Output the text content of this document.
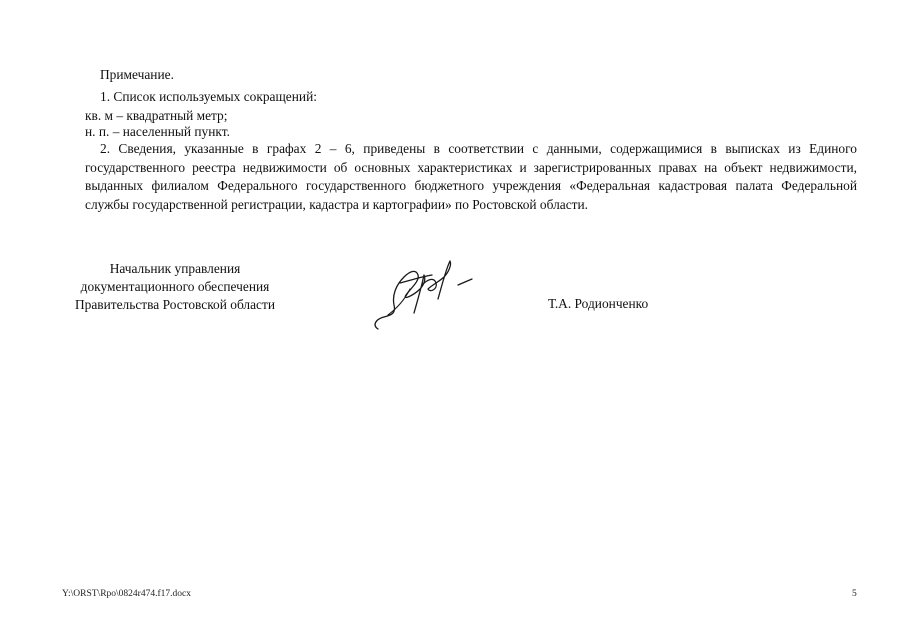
Примечание.
1. Список используемых сокращений:
кв. м – квадратный метр;
н. п. – населенный пункт.
2. Сведения, указанные в графах 2 – 6, приведены в соответствии с данными, содержащимися в выписках из Единого государственного реестра недвижимости об основных характеристиках и зарегистрированных правах на объект недвижимости, выданных филиалом Федерального государственного бюджетного учреждения «Федеральная кадастровая палата Федеральной службы государственной регистрации, кадастра и картографии» по Ростовской области.
Начальник управления
документационного обеспечения
Правительства Ростовской области	Т.А. Родионченко
Y:\ORST\Rpo\0824r474.f17.docx	5
